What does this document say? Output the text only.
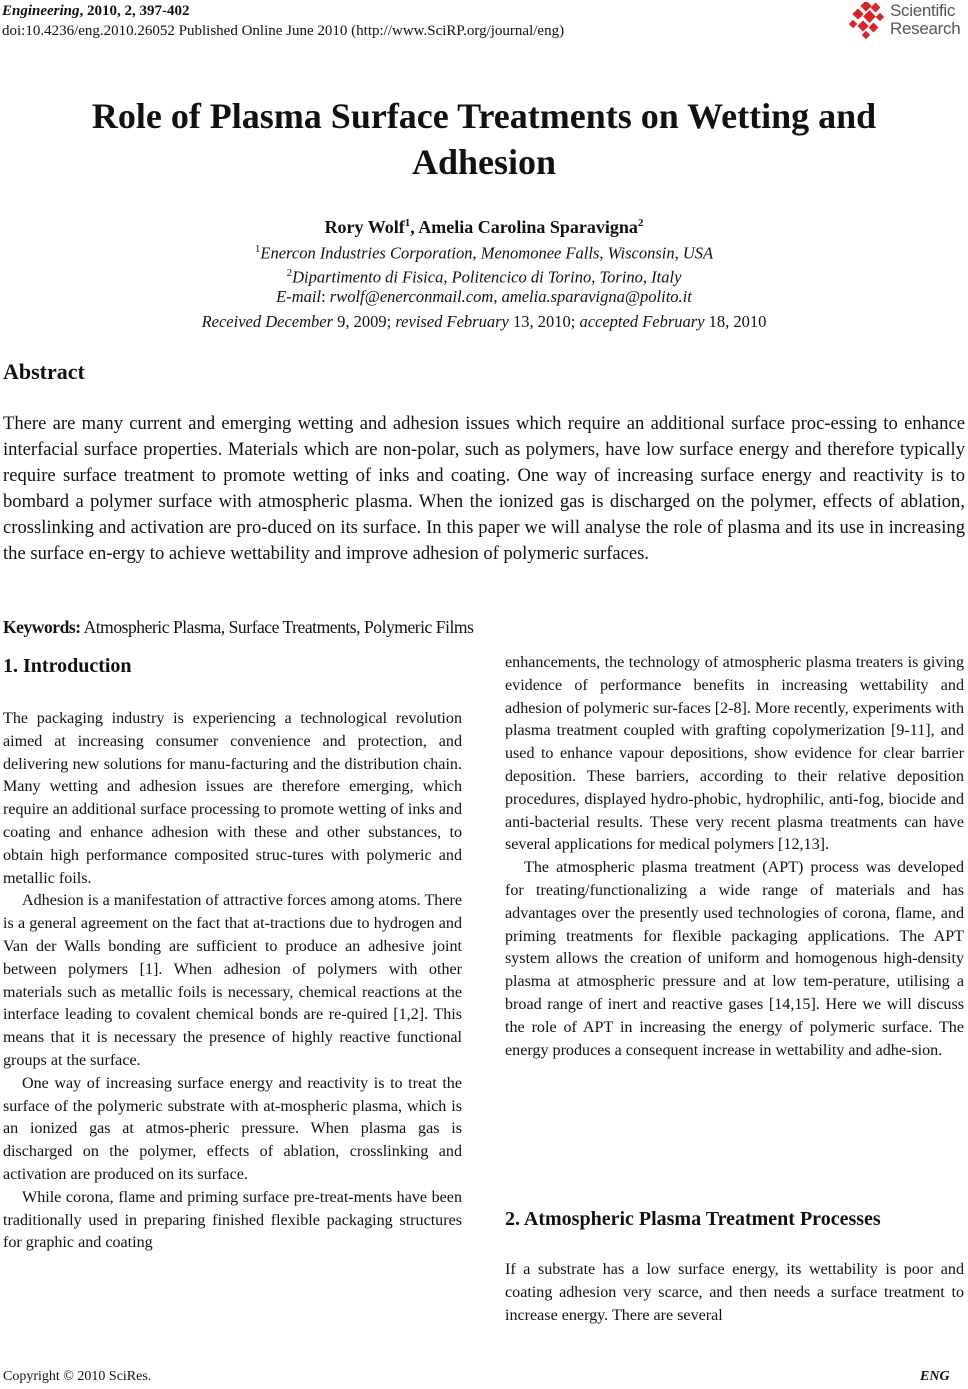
Engineering, 2010, 2, 397-402
doi:10.4236/eng.2010.26052 Published Online June 2010 (http://www.SciRP.org/journal/eng)
Scientific
Research
Role of Plasma Surface Treatments on Wetting and
Adhesion
Rory Wolf$^1$, Amelia Carolina Sparavigna$^2$
$^1$Enercon Industries Corporation, Menomonee Falls, Wisconsin, USA
$^2$Dipartimento di Fisica, Politencico di Torino, Torino, Italy
E-mail: rwolf@enerconmail.com, amelia.sparavigna@polito.it
Received December 9, 2009; revised February 13, 2010; accepted February 18, 2010
Abstract
There are many current and emerging wetting and adhesion issues which require an additional surface proc-essing to enhance interfacial surface properties. Materials which are non-polar, such as polymers, have low surface energy and therefore typically require surface treatment to promote wetting of inks and coating. One way of increasing surface energy and reactivity is to bombard a polymer surface with atmospheric plasma. When the ionized gas is discharged on the polymer, effects of ablation, crosslinking and activation are pro-duced on its surface. In this paper we will analyse the role of plasma and its use in increasing the surface en-ergy to achieve wettability and improve adhesion of polymeric surfaces.
Keywords: Atmospheric Plasma, Surface Treatments, Polymeric Films
1. Introduction

The packaging industry is experiencing a technological revolution aimed at increasing consumer convenience and protection, and delivering new solutions for manu-facturing and the distribution chain. Many wetting and adhesion issues are therefore emerging, which require an additional surface processing to promote wetting of inks and coating and enhance adhesion with these and other substances, to obtain high performance composited struc-tures with polymeric and metallic foils.

Adhesion is a manifestation of attractive forces among atoms. There is a general agreement on the fact that at-tractions due to hydrogen and Van der Walls bonding are sufficient to produce an adhesive joint between polymers [1]. When adhesion of polymers with other materials such as metallic foils is necessary, chemical reactions at the interface leading to covalent chemical bonds are re-quired [1,2]. This means that it is necessary the presence of highly reactive functional groups at the surface.

One way of increasing surface energy and reactivity is to treat the surface of the polymeric substrate with at-mospheric plasma, which is an ionized gas at atmos-pheric pressure. When plasma gas is discharged on the polymer, effects of ablation, crosslinking and activation are produced on its surface.

While corona, flame and priming surface pre-treat-ments have been traditionally used in preparing finished flexible packaging structures for graphic and coating

enhancements, the technology of atmospheric plasma treaters is giving evidence of performance benefits in increasing wettability and adhesion of polymeric sur-faces [2-8]. More recently, experiments with plasma treatment coupled with grafting copolymerization [9-11], and used to enhance vapour depositions, show evidence for clear barrier deposition. These barriers, according to their relative deposition procedures, displayed hydro-phobic, hydrophilic, anti-fog, biocide and anti-bacterial results. These very recent plasma treatments can have several applications for medical polymers [12,13].

The atmospheric plasma treatment (APT) process was developed for treating/functionalizing a wide range of materials and has advantages over the presently used technologies of corona, flame, and priming treatments for flexible packaging applications. The APT system allows the creation of uniform and homogenous high-density plasma at atmospheric pressure and at low tem-perature, utilising a broad range of inert and reactive gases [14,15]. Here we will discuss the role of APT in increasing the energy of polymeric surface. The energy produces a consequent increase in wettability and adhe-sion.

2. Atmospheric Plasma Treatment Processes

If a substrate has a low surface energy, its wettability is poor and coating adhesion very scarce, and then needs a surface treatment to increase energy. There are several

Copyright © 2010 SciRes.	ENG
